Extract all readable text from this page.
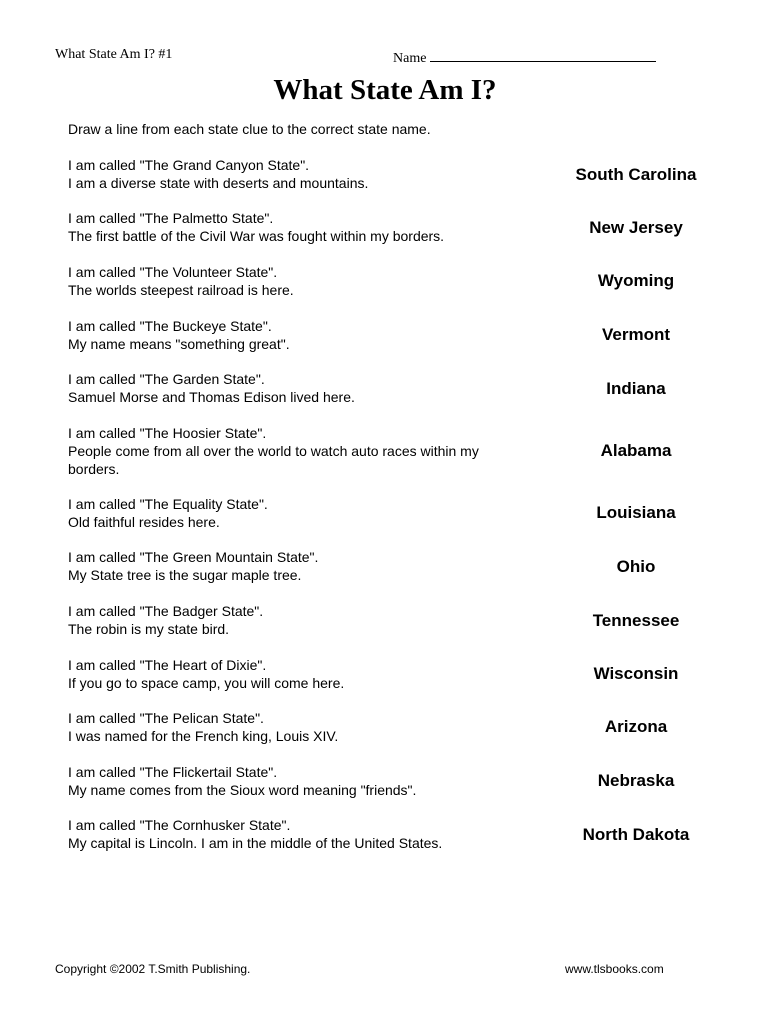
What State Am I? #1	Name
What State Am I?
Draw a line from each state clue to the correct state name.
I am called "The Grand Canyon State".
I am a diverse state with deserts and mountains.
I am called "The Palmetto State".
The first battle of the Civil War was fought within my borders.
I am called "The Volunteer State".
The worlds steepest railroad is here.
I am called "The Buckeye State".
My name means "something great".
I am called "The Garden State".
Samuel Morse and Thomas Edison lived here.
I am called "The Hoosier State".
People come from all over the world to watch auto races within my borders.
I am called "The Equality State".
Old faithful resides here.
I am called "The Green Mountain State".
My State tree is the sugar maple tree.
I am called "The Badger State".
The robin is my state bird.
I am called "The Heart of Dixie".
If you go to space camp, you will come here.
I am called "The Pelican State".
I was named for the French king, Louis XIV.
I am called "The Flickertail State".
My name comes from the Sioux word meaning "friends".
I am called "The Cornhusker State".
My capital is Lincoln. I am in the middle of the United States.
South Carolina
New Jersey
Wyoming
Vermont
Indiana
Alabama
Louisiana
Ohio
Tennessee
Wisconsin
Arizona
Nebraska
North Dakota
Copyright ©2002 T.Smith Publishing.	www.tlsbooks.com
